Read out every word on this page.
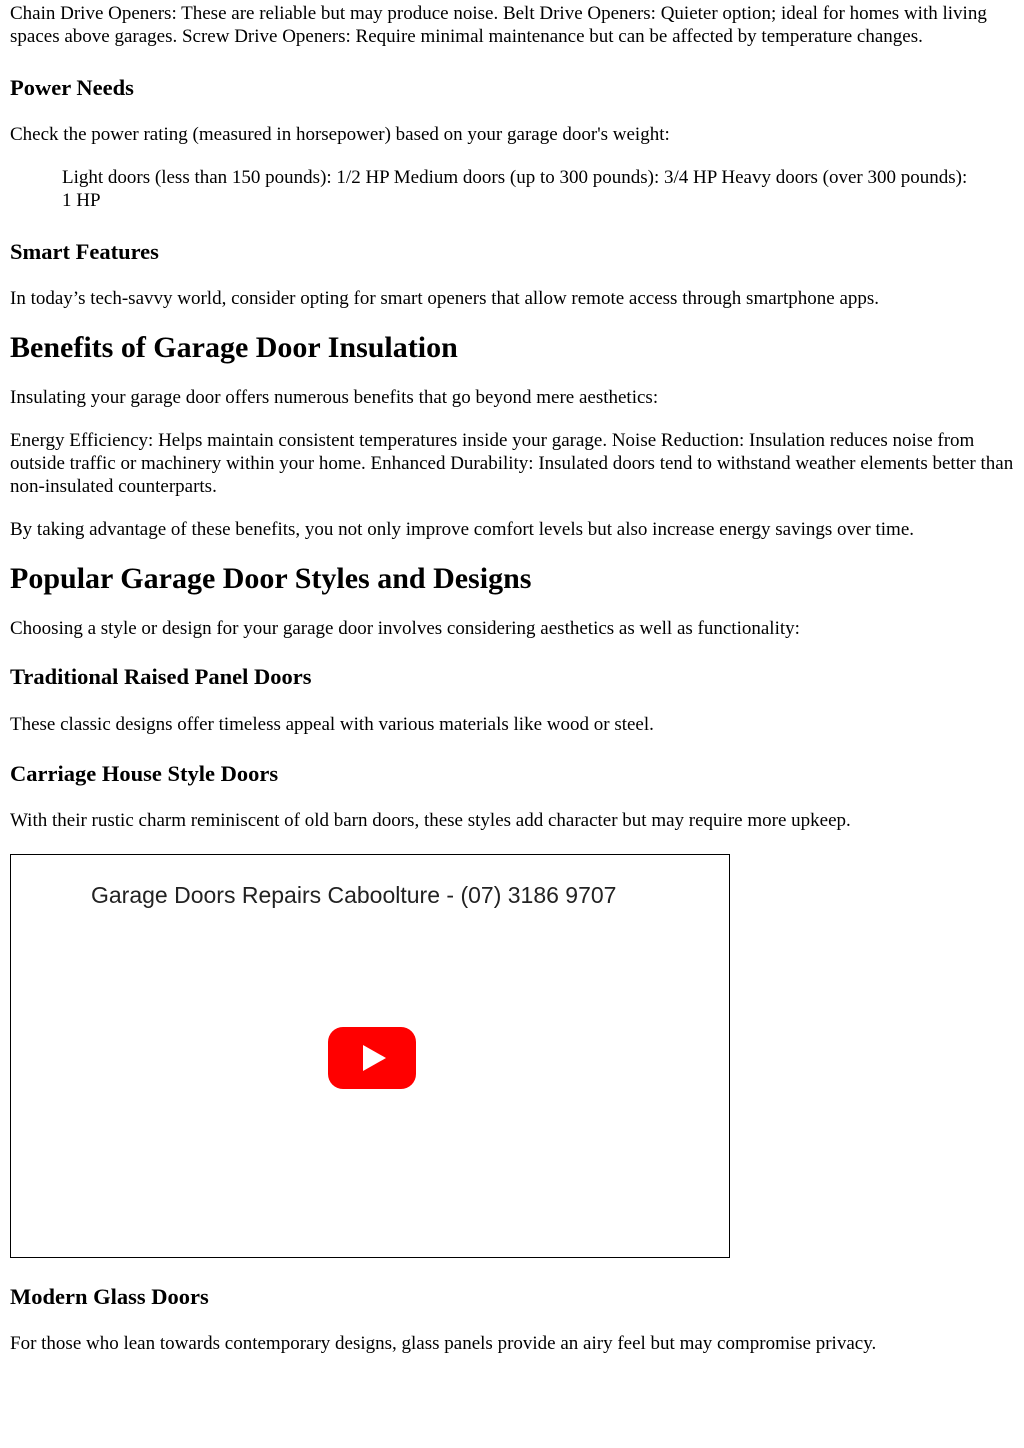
Chain Drive Openers: These are reliable but may produce noise. Belt Drive Openers: Quieter option; ideal for homes with living spaces above garages. Screw Drive Openers: Require minimal maintenance but can be affected by temperature changes.

Power Needs

Check the power rating (measured in horsepower) based on your garage door's weight:

Light doors (less than 150 pounds): 1/2 HP Medium doors (up to 300 pounds): 3/4 HP Heavy doors (over 300 pounds): 1 HP
Smart Features

In today’s tech-savvy world, consider opting for smart openers that allow remote access through smartphone apps.

Benefits of Garage Door Insulation

Insulating your garage door offers numerous benefits that go beyond mere aesthetics:

Energy Efficiency: Helps maintain consistent temperatures inside your garage. Noise Reduction: Insulation reduces noise from outside traffic or machinery within your home. Enhanced Durability: Insulated doors tend to withstand weather elements better than non-insulated counterparts.

By taking advantage of these benefits, you not only improve comfort levels but also increase energy savings over time.

Popular Garage Door Styles and Designs

Choosing a style or design for your garage door involves considering aesthetics as well as functionality:

Traditional Raised Panel Doors

These classic designs offer timeless appeal with various materials like wood or steel.

Carriage House Style Doors

With their rustic charm reminiscent of old barn doors, these styles add character but may require more upkeep.

Garage Doors Repairs Caboolture - (07) 3186 9707
Modern Glass Doors

For those who lean towards contemporary designs, glass panels provide an airy feel but may compromise privacy.
